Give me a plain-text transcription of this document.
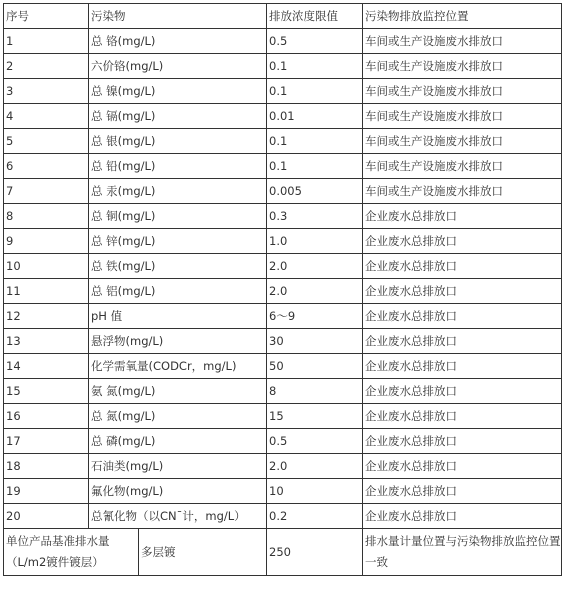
序号	污染物		排放浓度限值	污染物排放监控位置
1	总 铬(mg/L)		0.5	车间或生产设施废水排放口
2	六价铬(mg/L)		0.1	车间或生产设施废水排放口
3	总 镍(mg/L)		0.1	车间或生产设施废水排放口
4	总 镉(mg/L)		0.01	车间或生产设施废水排放口
5	总 银(mg/L)		0.1	车间或生产设施废水排放口
6	总 铅(mg/L)		0.1	车间或生产设施废水排放口
7	总 汞(mg/L)		0.005	车间或生产设施废水排放口
8	总 铜(mg/L)		0.3	企业废水总排放口
9	总 锌(mg/L)		1.0	企业废水总排放口
10	总 铁(mg/L)		2.0	企业废水总排放口
11	总 铝(mg/L)		2.0	企业废水总排放口
12	pH 值		6～9	企业废水总排放口
13	悬浮物(mg/L)		30	企业废水总排放口
14	化学需氧量(CODCr，mg/L)		50	企业废水总排放口
15	氨 氮(mg/L)		8	企业废水总排放口
16	总 氮(mg/L)		15	企业废水总排放口
17	总 磷(mg/L)		0.5	企业废水总排放口
18	石油类(mg/L)		2.0	企业废水总排放口
19	氟化物(mg/L)		10	企业废水总排放口
20	总氰化物（以CN¯计，mg/L）		0.2	企业废水总排放口
单位产品基准排水量（L/m2镀件镀层）		多层镀	250	排水量计量位置与污染物排放监控位置一致
